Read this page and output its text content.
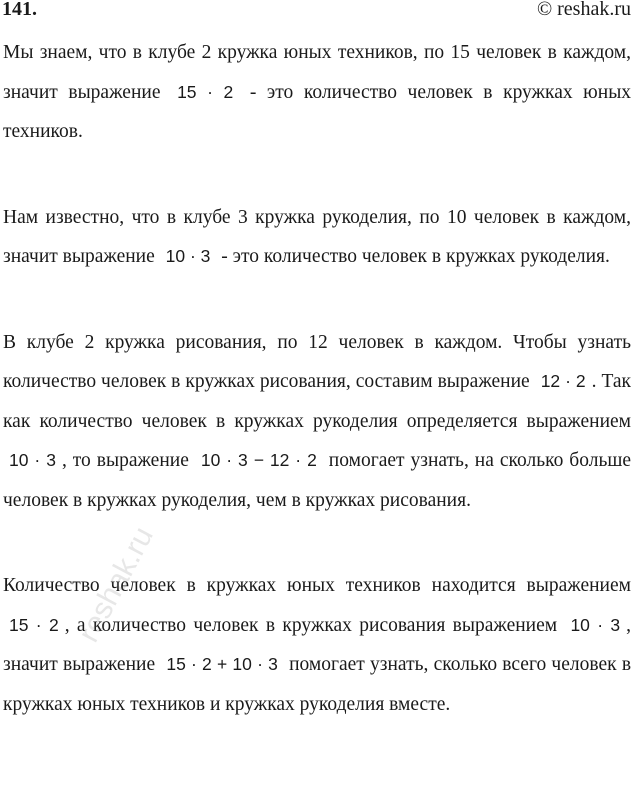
141.	© reshak.ru

Мы знаем, что в клубе 2 кружка юных техников, по 15 человек в каждом, значит выражение 15 · 2 - это количество человек в кружках юных техников.

Нам известно, что в клубе 3 кружка рукоделия, по 10 человек в каждом, значит выражение 10 · 3 - это количество человек в кружках рукоделия.

В клубе 2 кружка рисования, по 12 человек в каждом. Чтобы узнать количество человек в кружках рисования, составим выражение 12 · 2 . Так как количество человек в кружках рукоделия определяется выражением 10 · 3 , то выражение 10 · 3 − 12 · 2 помогает узнать, на сколько больше человек в кружках рукоделия, чем в кружках рисования.

Количество человек в кружках юных техников находится выражением 15 · 2 , а количество человек в кружках рисования выражением 10 · 3 , значит выражение 15 · 2 + 10 · 3 помогает узнать, сколько всего человек в кружках юных техников и кружках рукоделия вместе.

reshak.ru
